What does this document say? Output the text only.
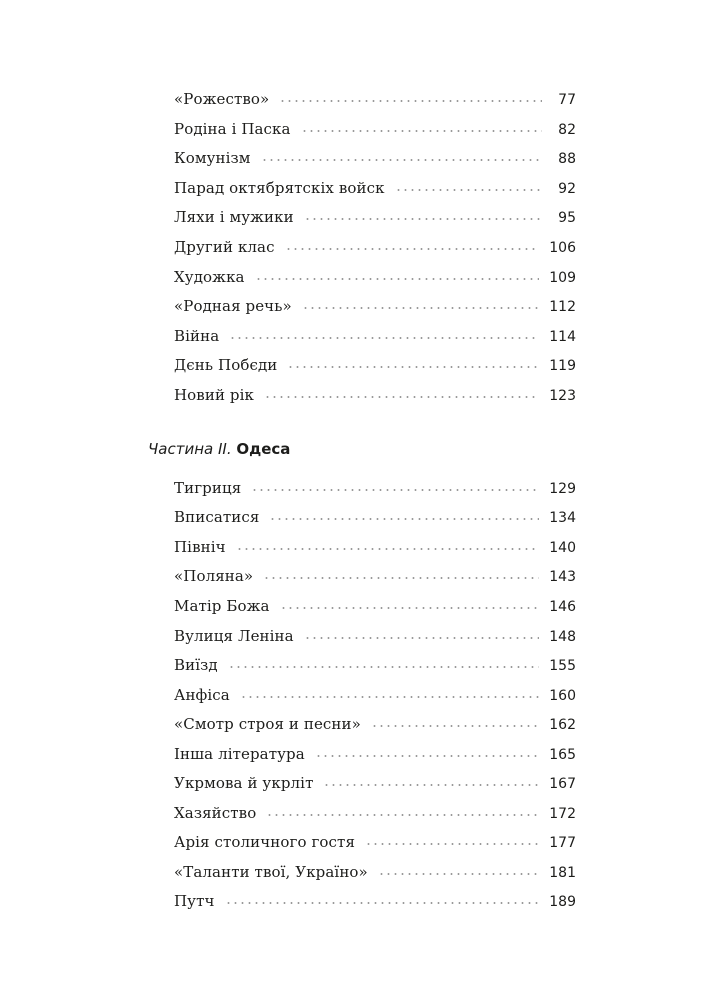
«Рожество»	77
Родіна і Паска	82
Комунізм	88
Парад октябрятскіх войск	92
Ляхи і мужики	95
Другий клас	106
Художка	109
«Родная речь»	112
Війна	114
Дєнь Побєди	119
Новий рік	123
Частина ІІ. Одеса
Тигриця	129
Вписатися	134
Північ	140
«Поляна»	143
Матір Божа	146
Вулиця Леніна	148
Виїзд	155
Анфіса	160
«Смотр строя и песни»	162
Інша література	165
Укрмова й укрліт	167
Хазяйство	172
Арія столичного гостя	177
«Таланти твої, Україно»	181
Путч	189
